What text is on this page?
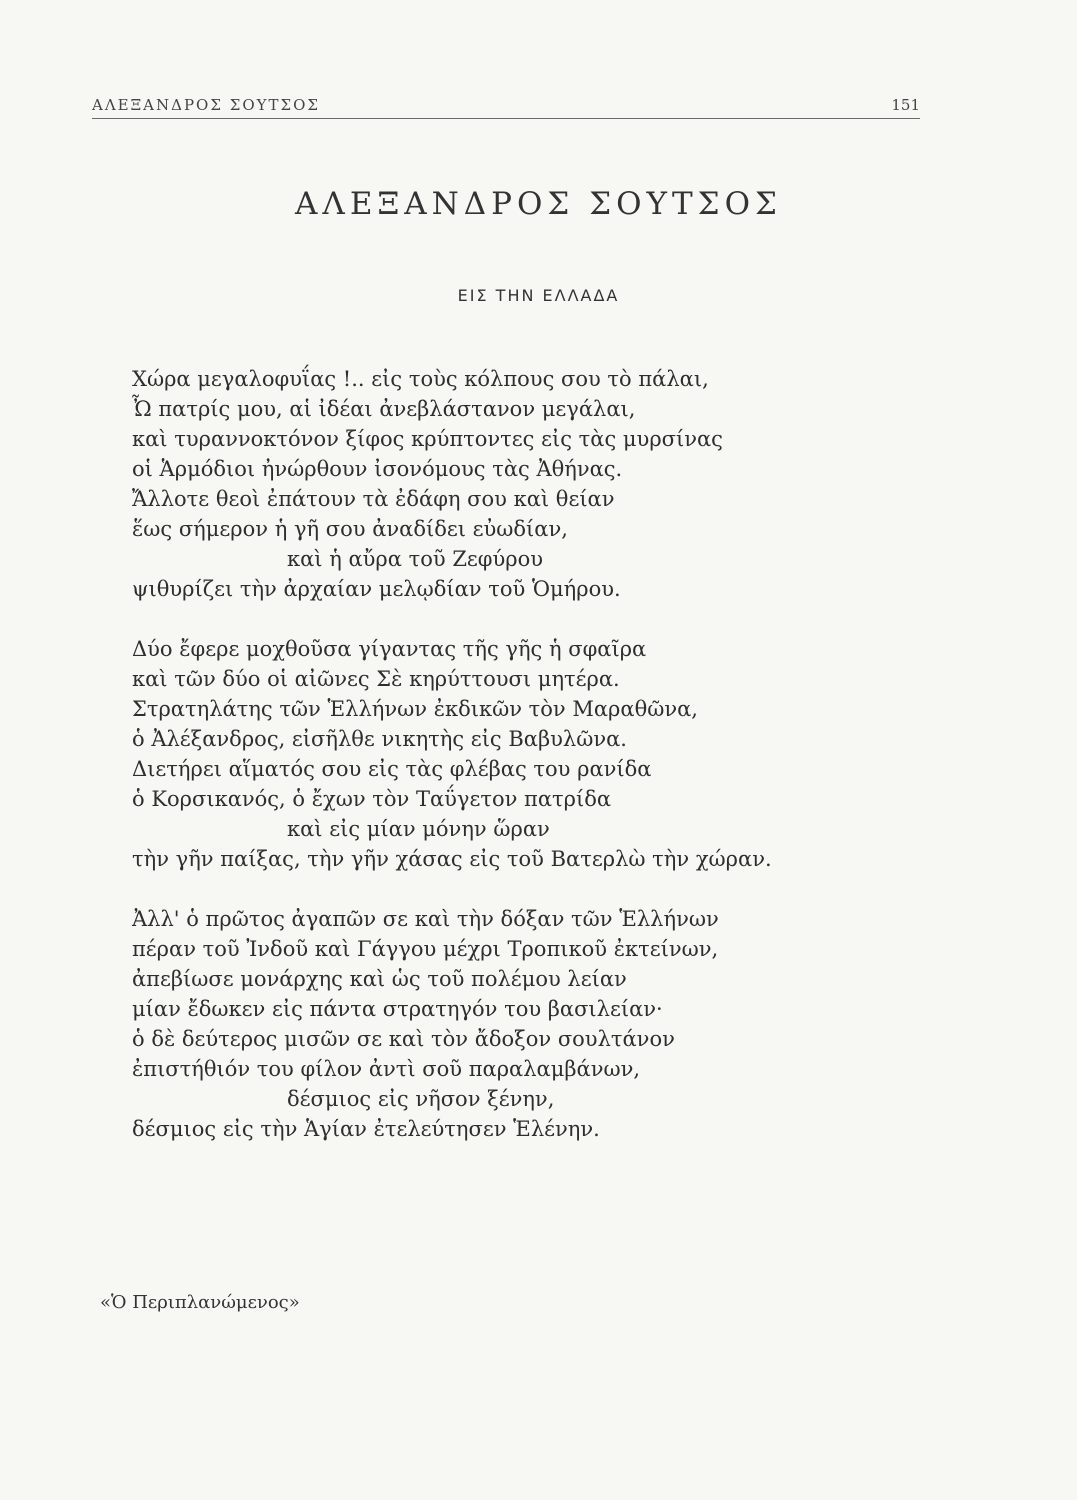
ΑΛΕΞΑΝΔΡΟΣ ΣΟΥΤΣΟΣ	151
ΑΛΕΞΑΝΔΡΟΣ ΣΟΥΤΣΟΣ
ΕΙΣ ΤΗΝ ΕΛΛΑΔΑ
Χώρα μεγαλοφυΐας !.. εἰς τοὺς κόλπους σου τὸ πάλαι,
Ὦ πατρίς μου, αἱ ἰδέαι ἀνεβλάστανον μεγάλαι,
καὶ τυραννοκτόνον ξίφος κρύπτοντες εἰς τὰς μυρσίνας
οἱ Ἁρμόδιοι ἠνώρθουν ἰσονόμους τὰς Ἀθήνας.
Ἄλλοτε θεοὶ ἐπάτουν τὰ ἐδάφη σου καὶ θείαν
ἕως σήμερον ἡ γῆ σου ἀναδίδει εὐωδίαν,
καὶ ἡ αὔρα τοῦ Ζεφύρου
ψιθυρίζει τὴν ἀρχαίαν μελῳδίαν τοῦ Ὁμήρου.
Δύο ἔφερε μοχθοῦσα γίγαντας τῆς γῆς ἡ σφαῖρα
καὶ τῶν δύο οἱ αἰῶνες Σὲ κηρύττουσι μητέρα.
Στρατηλάτης τῶν Ἑλλήνων ἐκδικῶν τὸν Μαραθῶνα,
ὁ Ἀλέξανδρος, εἰσῆλθε νικητὴς εἰς Βαβυλῶνα.
Διετήρει αἵματός σου εἰς τὰς φλέβας του ρανίδα
ὁ Κορσικανός, ὁ ἔχων τὸν Ταΰγετον πατρίδα
καὶ εἰς μίαν μόνην ὥραν
τὴν γῆν παίξας, τὴν γῆν χάσας εἰς τοῦ Βατερλὼ τὴν χώραν.
Ἀλλ' ὁ πρῶτος ἀγαπῶν σε καὶ τὴν δόξαν τῶν Ἑλλήνων
πέραν τοῦ Ἰνδοῦ καὶ Γάγγου μέχρι Τροπικοῦ ἐκτείνων,
ἀπεβίωσε μονάρχης καὶ ὡς τοῦ πολέμου λείαν
μίαν ἔδωκεν εἰς πάντα στρατηγόν του βασιλείαν·
ὁ δὲ δεύτερος μισῶν σε καὶ τὸν ἄδοξον σουλτάνον
ἐπιστήθιόν του φίλον ἀντὶ σοῦ παραλαμβάνων,
δέσμιος εἰς νῆσον ξένην,
δέσμιος εἰς τὴν Ἁγίαν ἐτελεύτησεν Ἑλένην.
«Ὁ Περιπλανώμενος»
